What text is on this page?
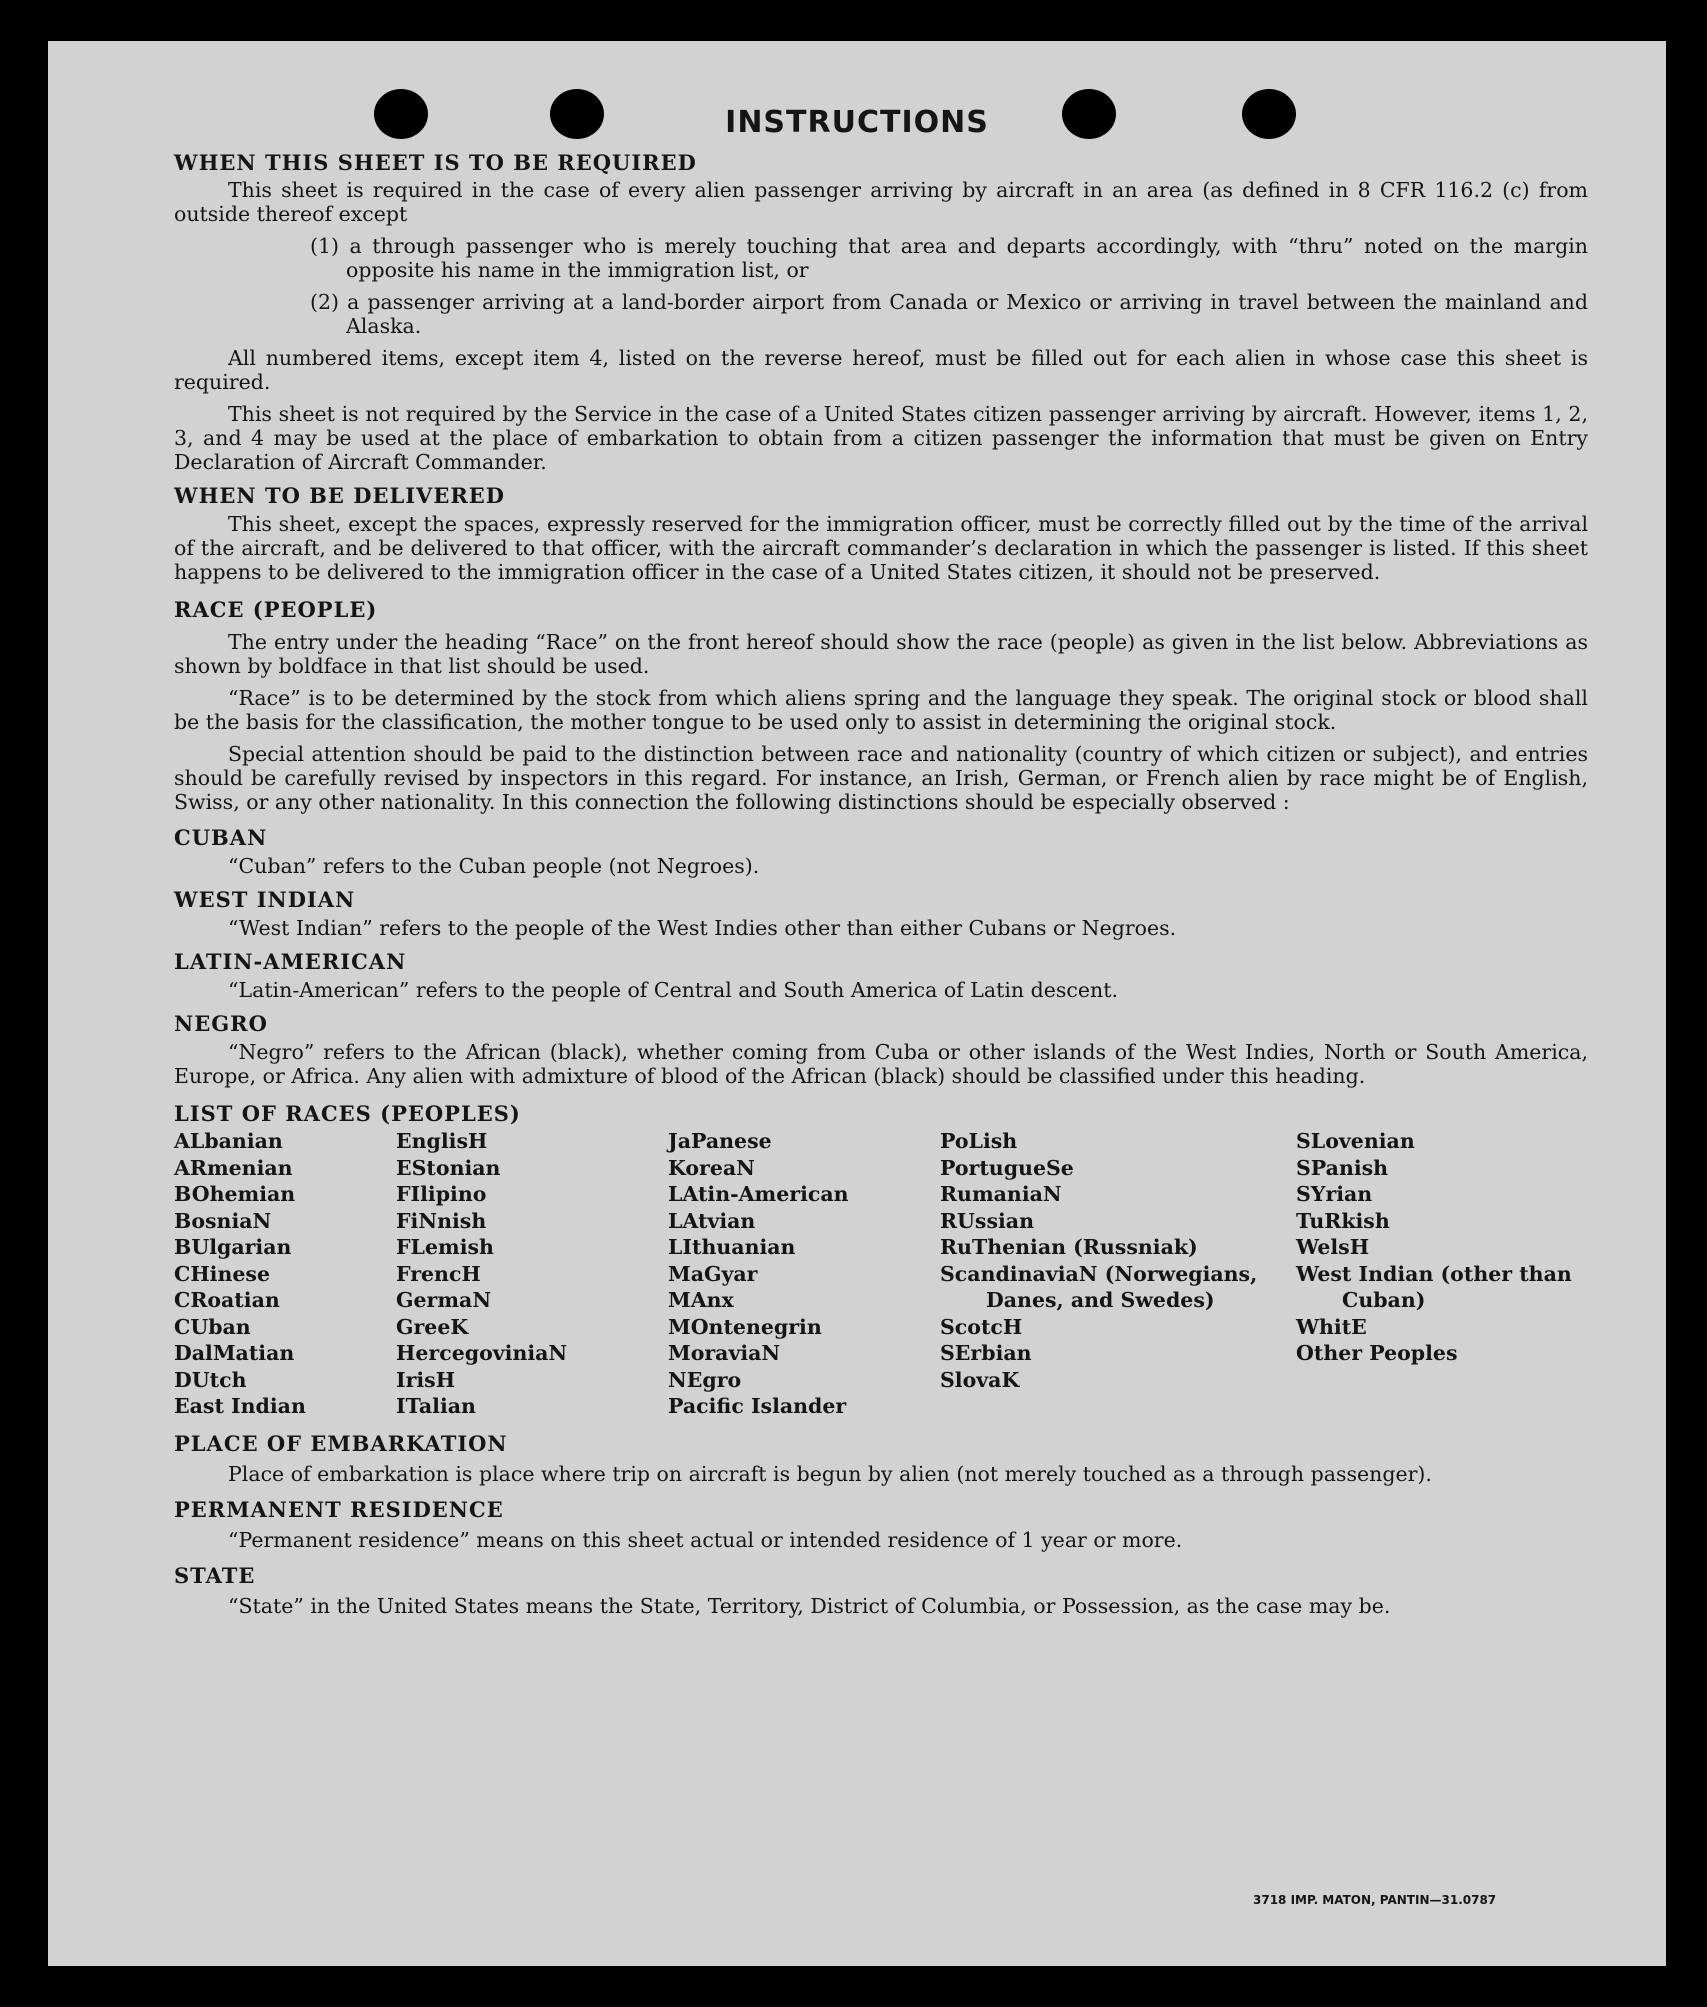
INSTRUCTIONS

WHEN THIS SHEET IS TO BE REQUIRED

This sheet is required in the case of every alien passenger arriving by aircraft in an area (as defined in 8 CFR 116.2 (c) from outside thereof except

(1) a through passenger who is merely touching that area and departs accordingly, with “thru” noted on the margin opposite his name in the immigration list, or

(2) a passenger arriving at a land-border airport from Canada or Mexico or arriving in travel between the mainland and Alaska.

All numbered items, except item 4, listed on the reverse hereof, must be filled out for each alien in whose case this sheet is required.

This sheet is not required by the Service in the case of a United States citizen passenger arriving by aircraft. However, items 1, 2, 3, and 4 may be used at the place of embarkation to obtain from a citizen passenger the information that must be given on Entry Declaration of Aircraft Commander.

WHEN TO BE DELIVERED

This sheet, except the spaces, expressly reserved for the immigration officer, must be correctly filled out by the time of the arrival of the aircraft, and be delivered to that officer, with the aircraft commander’s declaration in which the passenger is listed. If this sheet happens to be delivered to the immigration officer in the case of a United States citizen, it should not be preserved.

RACE (PEOPLE)

The entry under the heading “Race” on the front hereof should show the race (people) as given in the list below. Abbreviations as shown by boldface in that list should be used.

“Race” is to be determined by the stock from which aliens spring and the language they speak. The original stock or blood shall be the basis for the classification, the mother tongue to be used only to assist in determining the original stock.

Special attention should be paid to the distinction between race and nationality (country of which citizen or subject), and entries should be carefully revised by inspectors in this regard. For instance, an Irish, German, or French alien by race might be of English, Swiss, or any other nationality. In this connection the following distinctions should be especially observed :

CUBAN

“Cuban” refers to the Cuban people (not Negroes).

WEST INDIAN

“West Indian” refers to the people of the West Indies other than either Cubans or Negroes.

LATIN-AMERICAN

“Latin-American” refers to the people of Central and South America of Latin descent.

NEGRO

“Negro” refers to the African (black), whether coming from Cuba or other islands of the West Indies, North or South America, Europe, or Africa. Any alien with admixture of blood of the African (black) should be classified under this heading.

LIST OF RACES (PEOPLES)

ALbanian
ARmenian
BOhemian
BosniaN
BUlgarian
CHinese
CRoatian
CUban
DalMatian
DUtch
East Indian
EnglisH
EStonian
FIlipino
FiNnish
FLemish
FrencH
GermaN
GreeK
HercegoviniaN
IrisH
ITalian
JaPanese
KoreaN
LAtin-American
LAtvian
LIthuanian
MaGyar
MAnx
MOntenegrin
MoraviaN
NEgro
Pacific Islander
PoLish
PortugueSe
RumaniaN
RUssian
RuThenian (Russniak)
ScandinaviaN (Norwegians, Danes, and Swedes)
ScotcH
SErbian
SlovaK
SLovenian
SPanish
SYrian
TuRkish
WelsH
West Indian (other than Cuban)
WhitE
Other Peoples

PLACE OF EMBARKATION

Place of embarkation is place where trip on aircraft is begun by alien (not merely touched as a through passenger).

PERMANENT RESIDENCE

“Permanent residence” means on this sheet actual or intended residence of 1 year or more.

STATE

“State” in the United States means the State, Territory, District of Columbia, or Possession, as the case may be.

3718 IMP. MATON, PANTIN—31.0787
